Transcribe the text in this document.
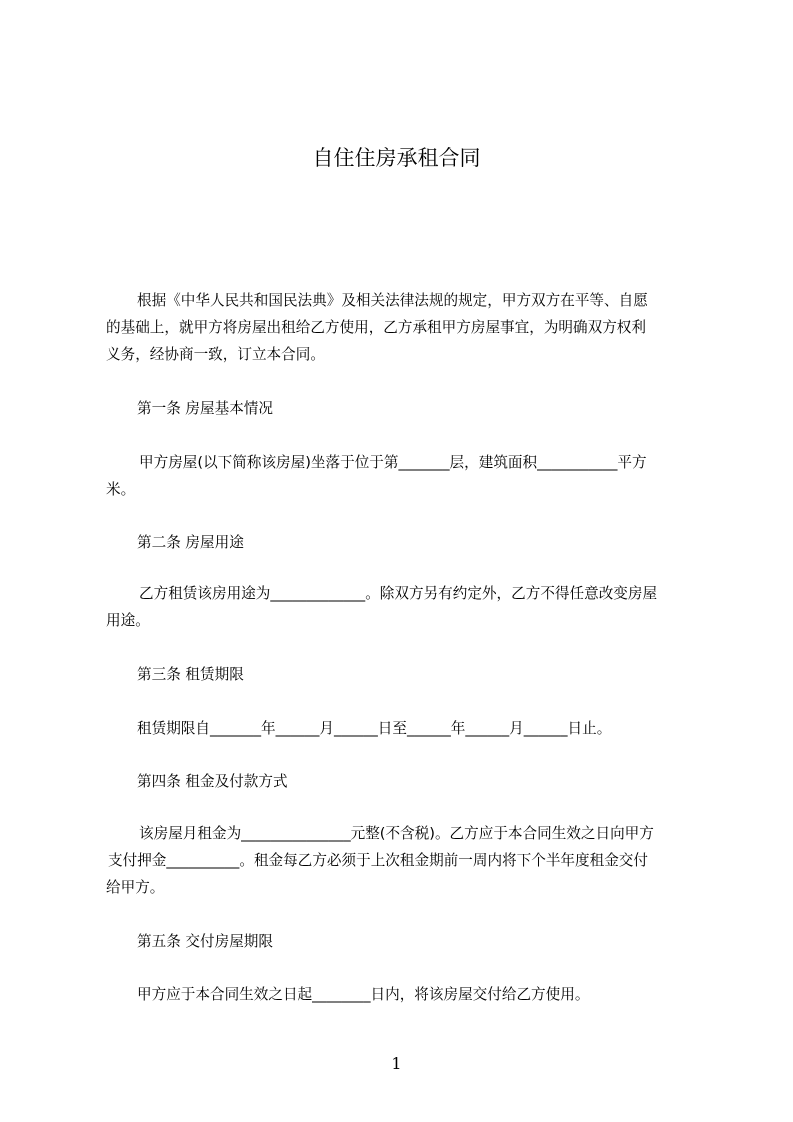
自住住房承租合同
根据《中华人民共和国民法典》及相关法律法规的规定，甲方双方在平等、自愿
的基础上，就甲方将房屋出租给乙方使用，乙方承租甲方房屋事宜，为明确双方权利
义务，经协商一致，订立本合同。
第一条 房屋基本情况
甲方房屋(以下简称该房屋)坐落于位于第_______层，建筑面积___________平方
米。
第二条 房屋用途
乙方租赁该房用途为_____________。除双方另有约定外，乙方不得任意改变房屋
用途。
第三条 租赁期限
租赁期限自_______年______月______日至______年______月______日止。
第四条 租金及付款方式
该房屋月租金为_______________元整(不含税)。乙方应于本合同生效之日向甲方
支付押金__________。租金每乙方必须于上次租金期前一周内将下个半年度租金交付
给甲方。
第五条 交付房屋期限
甲方应于本合同生效之日起________日内，将该房屋交付给乙方使用。
1
